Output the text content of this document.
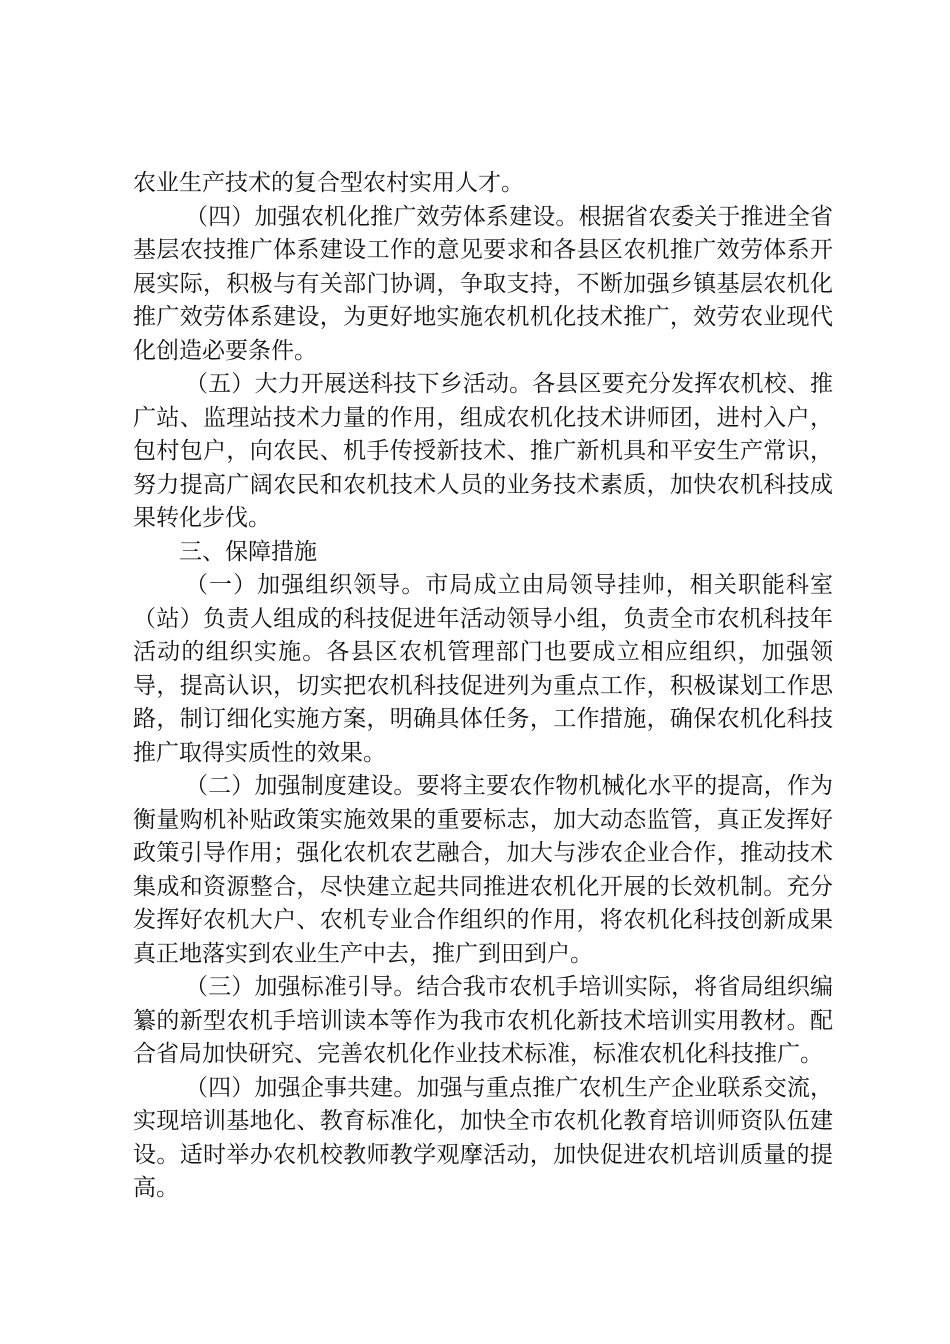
农业生产技术的复合型农村实用人才。

（四）加强农机化推广效劳体系建设。根据省农委关于推进全省基层农技推广体系建设工作的意见要求和各县区农机推广效劳体系开展实际，积极与有关部门协调，争取支持，不断加强乡镇基层农机化推广效劳体系建设，为更好地实施农机机化技术推广，效劳农业现代化创造必要条件。

（五）大力开展送科技下乡活动。各县区要充分发挥农机校、推广站、监理站技术力量的作用，组成农机化技术讲师团，进村入户，包村包户，向农民、机手传授新技术、推广新机具和平安生产常识，努力提高广阔农民和农机技术人员的业务技术素质，加快农机科技成果转化步伐。

三、保障措施

（一）加强组织领导。市局成立由局领导挂帅，相关职能科室（站）负责人组成的科技促进年活动领导小组，负责全市农机科技年活动的组织实施。各县区农机管理部门也要成立相应组织，加强领导，提高认识，切实把农机科技促进列为重点工作，积极谋划工作思路，制订细化实施方案，明确具体任务，工作措施，确保农机化科技推广取得实质性的效果。

（二）加强制度建设。要将主要农作物机械化水平的提高，作为衡量购机补贴政策实施效果的重要标志，加大动态监管，真正发挥好政策引导作用；强化农机农艺融合，加大与涉农企业合作，推动技术集成和资源整合，尽快建立起共同推进农机化开展的长效机制。充分发挥好农机大户、农机专业合作组织的作用，将农机化科技创新成果真正地落实到农业生产中去，推广到田到户。

（三）加强标准引导。结合我市农机手培训实际，将省局组织编纂的新型农机手培训读本等作为我市农机化新技术培训实用教材。配合省局加快研究、完善农机化作业技术标准，标准农机化科技推广。

（四）加强企事共建。加强与重点推广农机生产企业联系交流，实现培训基地化、教育标准化，加快全市农机化教育培训师资队伍建设。适时举办农机校教师教学观摩活动，加快促进农机培训质量的提高。
